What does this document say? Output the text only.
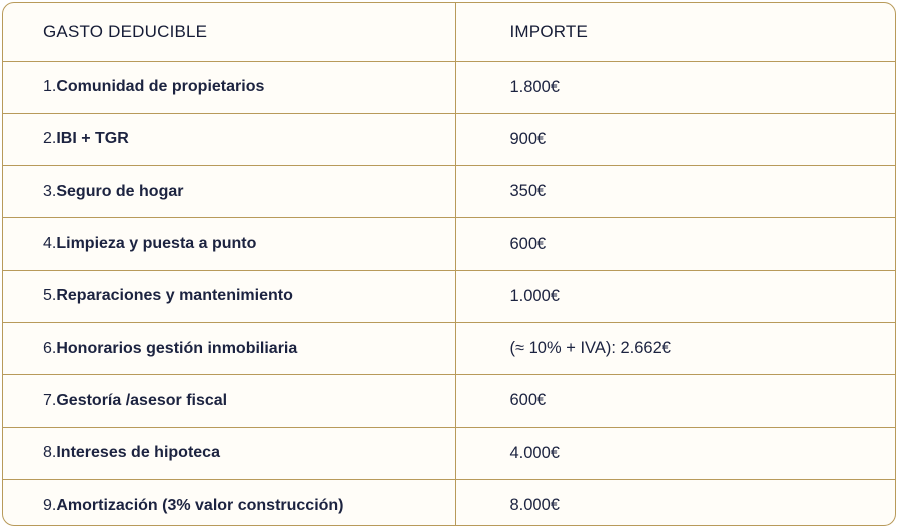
GASTO DEDUCIBLE	IMPORTE

1.Comunidad de propietarios	1.800€

2.IBI + TGR	900€

3.Seguro de hogar	350€

4.Limpieza y puesta a punto	600€

5.Reparaciones y mantenimiento	1.000€

6.Honorarios gestión inmobiliaria	(≈ 10% + IVA): 2.662€

7.Gestoría /asesor fiscal	600€

8.Intereses de hipoteca	4.000€

9.Amortización (3% valor construcción)	8.000€
